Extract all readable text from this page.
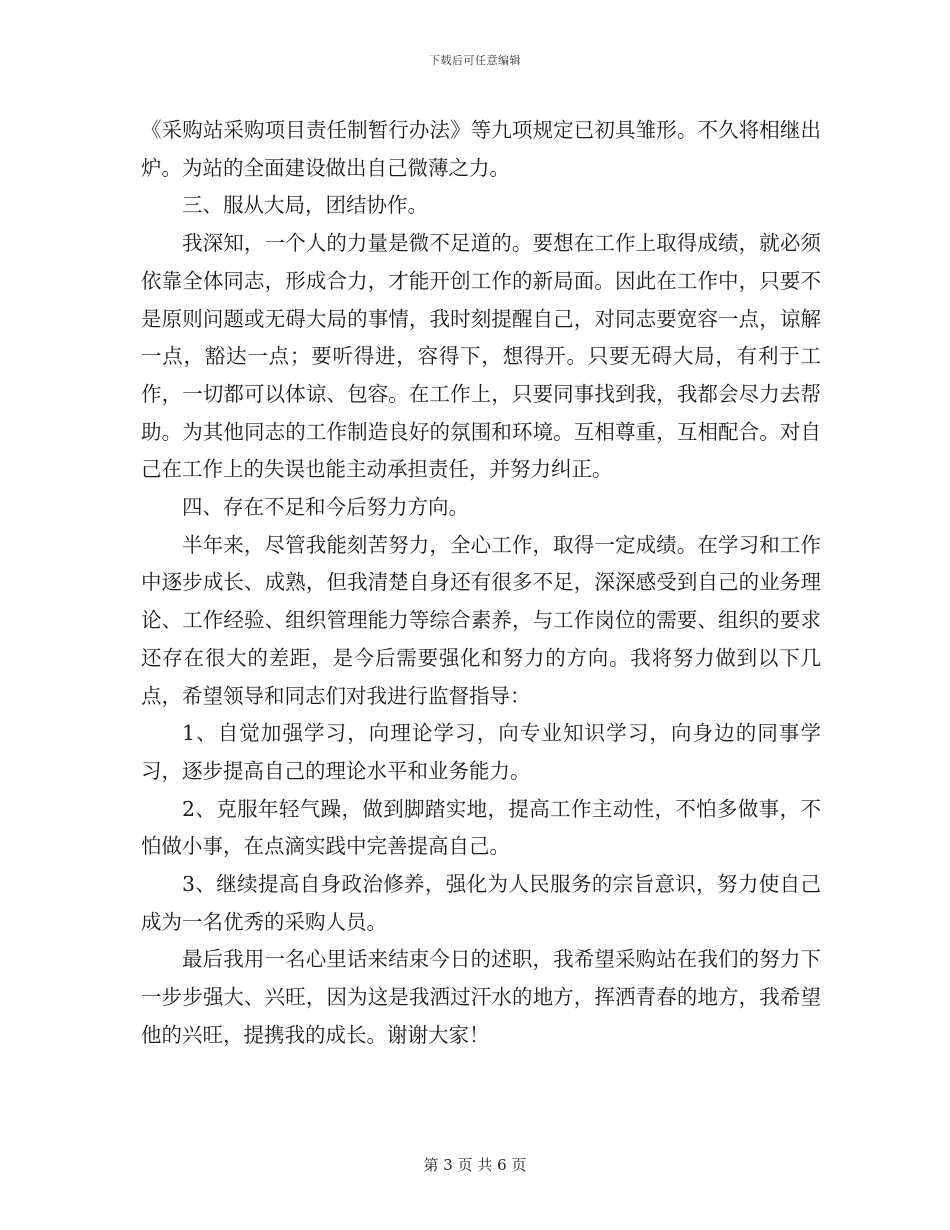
下载后可任意编辑

《采购站采购项目责任制暂行办法》等九项规定已初具雏形。不久将相继出炉。为站的全面建设做出自己微薄之力。

三、服从大局，团结协作。

我深知，一个人的力量是微不足道的。要想在工作上取得成绩，就必须依靠全体同志，形成合力，才能开创工作的新局面。因此在工作中，只要不是原则问题或无碍大局的事情，我时刻提醒自己，对同志要宽容一点，谅解一点，豁达一点；要听得进，容得下，想得开。只要无碍大局，有利于工作，一切都可以体谅、包容。在工作上，只要同事找到我，我都会尽力去帮助。为其他同志的工作制造良好的氛围和环境。互相尊重，互相配合。对自己在工作上的失误也能主动承担责任，并努力纠正。

四、存在不足和今后努力方向。

半年来，尽管我能刻苦努力，全心工作，取得一定成绩。在学习和工作中逐步成长、成熟，但我清楚自身还有很多不足，深深感受到自己的业务理论、工作经验、组织管理能力等综合素养，与工作岗位的需要、组织的要求还存在很大的差距，是今后需要强化和努力的方向。我将努力做到以下几点，希望领导和同志们对我进行监督指导：

1、自觉加强学习，向理论学习，向专业知识学习，向身边的同事学习，逐步提高自己的理论水平和业务能力。

2、克服年轻气躁，做到脚踏实地，提高工作主动性，不怕多做事，不怕做小事，在点滴实践中完善提高自己。

3、继续提高自身政治修养，强化为人民服务的宗旨意识，努力使自己成为一名优秀的采购人员。

最后我用一名心里话来结束今日的述职，我希望采购站在我们的努力下一步步强大、兴旺，因为这是我洒过汗水的地方，挥洒青春的地方，我希望他的兴旺，提携我的成长。谢谢大家！

第 3 页 共 6 页
